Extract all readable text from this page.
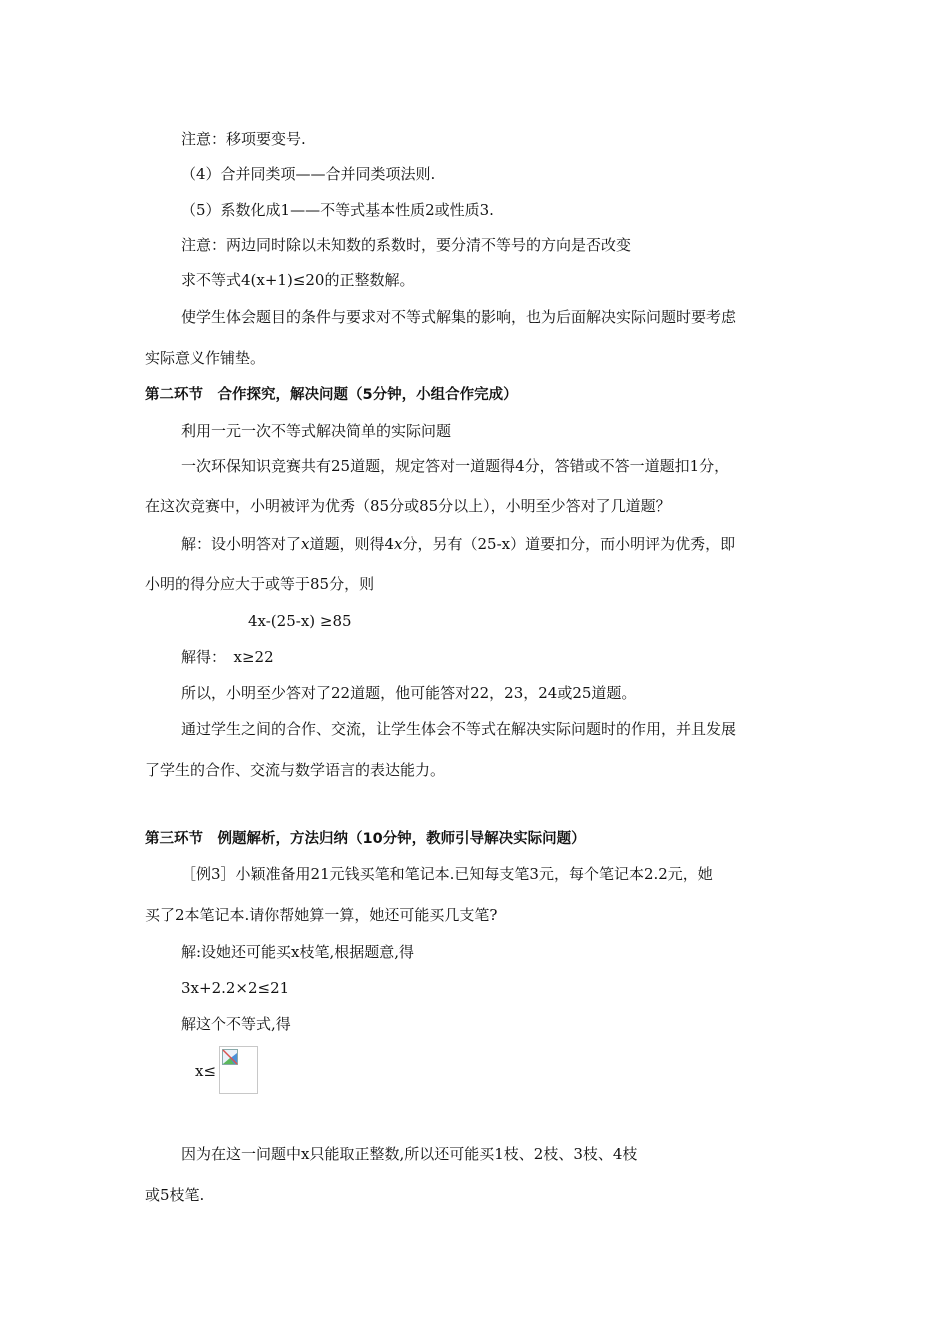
注意：移项要变号.
（4）合并同类项——合并同类项法则.
（5）系数化成1——不等式基本性质2或性质3.
注意：两边同时除以未知数的系数时，要分清不等号的方向是否改变
求不等式4(x+1)≤20的正整数解。
使学生体会题目的条件与要求对不等式解集的影响，也为后面解决实际问题时要考虑
实际意义作铺垫。
第二环节　合作探究，解决问题（5分钟，小组合作完成）
利用一元一次不等式解决简单的实际问题
一次环保知识竞赛共有25道题，规定答对一道题得4分，答错或不答一道题扣1分，
在这次竞赛中，小明被评为优秀（85分或85分以上），小明至少答对了几道题？
解：设小明答对了x道题，则得4x分，另有（25-x）道要扣分，而小明评为优秀，即
小明的得分应大于或等于85分，则
4x-(25-x) ≥85
解得：　x≥22
所以，小明至少答对了22道题，他可能答对22，23，24或25道题。
通过学生之间的合作、交流，让学生体会不等式在解决实际问题时的作用，并且发展
了学生的合作、交流与数学语言的表达能力。
第三环节　例题解析，方法归纳（10分钟，教师引导解决实际问题）
［例3］小颖准备用21元钱买笔和笔记本.已知每支笔3元，每个笔记本2.2元，她
买了2本笔记本.请你帮她算一算，她还可能买几支笔?
解:设她还可能买x枝笔,根据题意,得
3x+2.2×2≤21
解这个不等式,得
x≤
因为在这一问题中x只能取正整数,所以还可能买1枝、2枝、3枝、4枝
或5枝笔.
